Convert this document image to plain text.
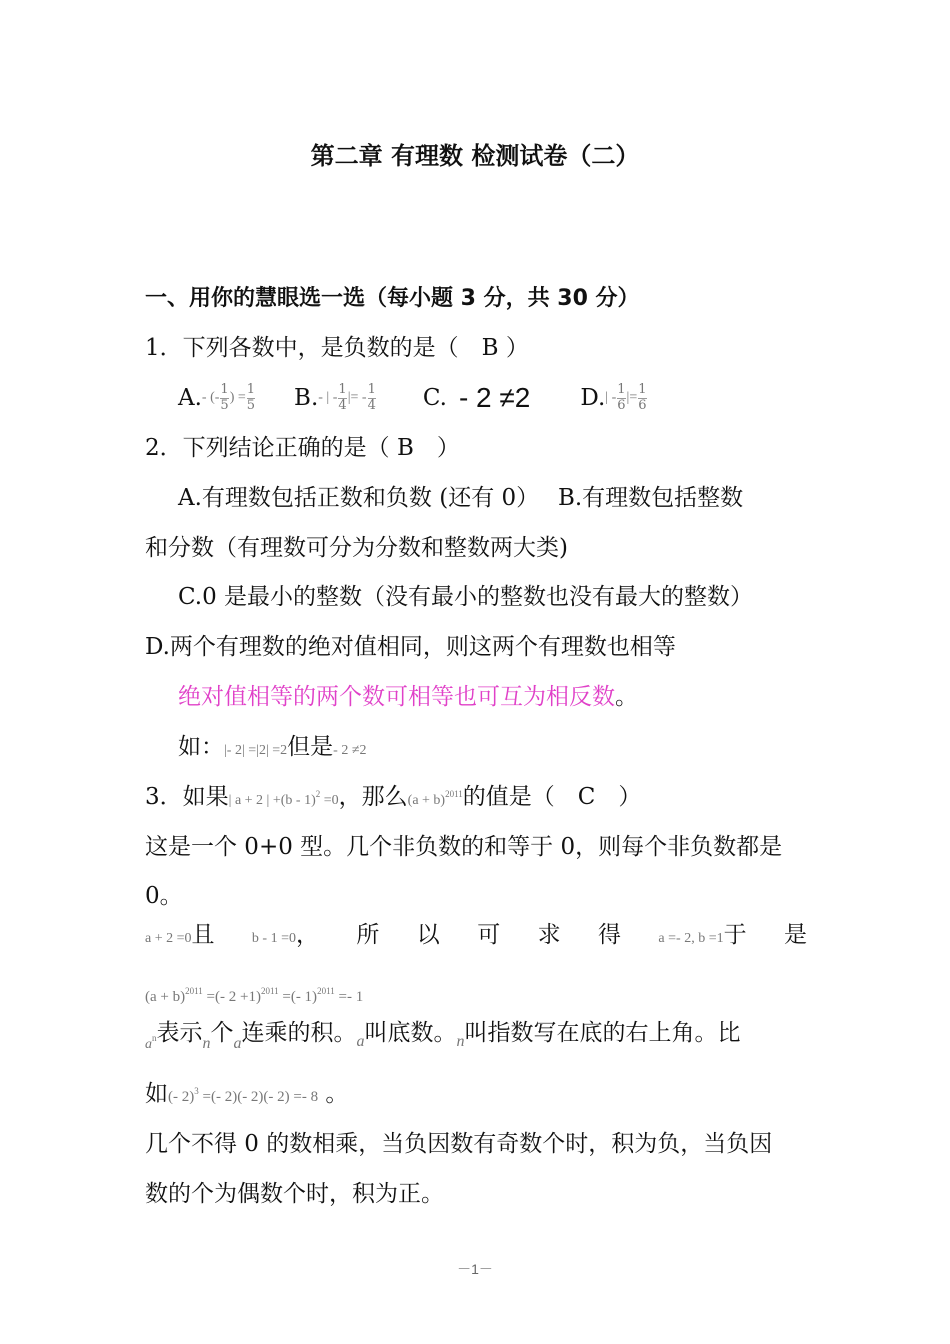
第二章 有理数 检测试卷（二）
一、用你的慧眼选一选（每小题 3 分，共 30 分）
1．下列各数中，是负数的是（　B ）
A. - (- $\frac{1}{5}$ ) = $\frac{1}{5} B$. - | - $\frac{1}{4}$ |= - $\frac{1}{4} C$. - 2 ≠2 D. | - $\frac{1}{6}$ |= $\frac{1}{6}$
2．下列结论正确的是（ B　）
A.有理数包括正数和负数 (还有 0）　 B.有理数包括整数
和分数（有理数可分为分数和整数两大类)
C.0 是最小的整数（没有最小的整数也没有最大的整数）
D.两个有理数的绝对值相同，则这两个有理数也相等
绝对值相等的两个数可相等也可互为相反数。
如：|- 2| =|2| =2但是- 2 ≠2
3．如果| a + 2 | +(b - 1)$^2$ =0，那么$(a + b)^{2011}$的值是（　C　）
这是一个 0+0 型。几个非负数的和等于 0，则每个非负数都是
0。
a + 2 =0且	b - 1 =0， 所 以 可 求 得	a =- 2, b =1于 是
$(a + b)^{2011}$ =(- 2 +1)$^{2011}$ =(- 1)$^{2011}$ =- 1
$_{a^n}$表示$_n$个$_a$连乘的积。$_a$叫底数。$_n$叫指数写在底的右上角。比
如(- 2)$^3$ =(- 2)(- 2)(- 2) =- 8 。
几个不得 0 的数相乘，当负因数有奇数个时，积为负，当负因
数的个为偶数个时，积为正。
－1－
